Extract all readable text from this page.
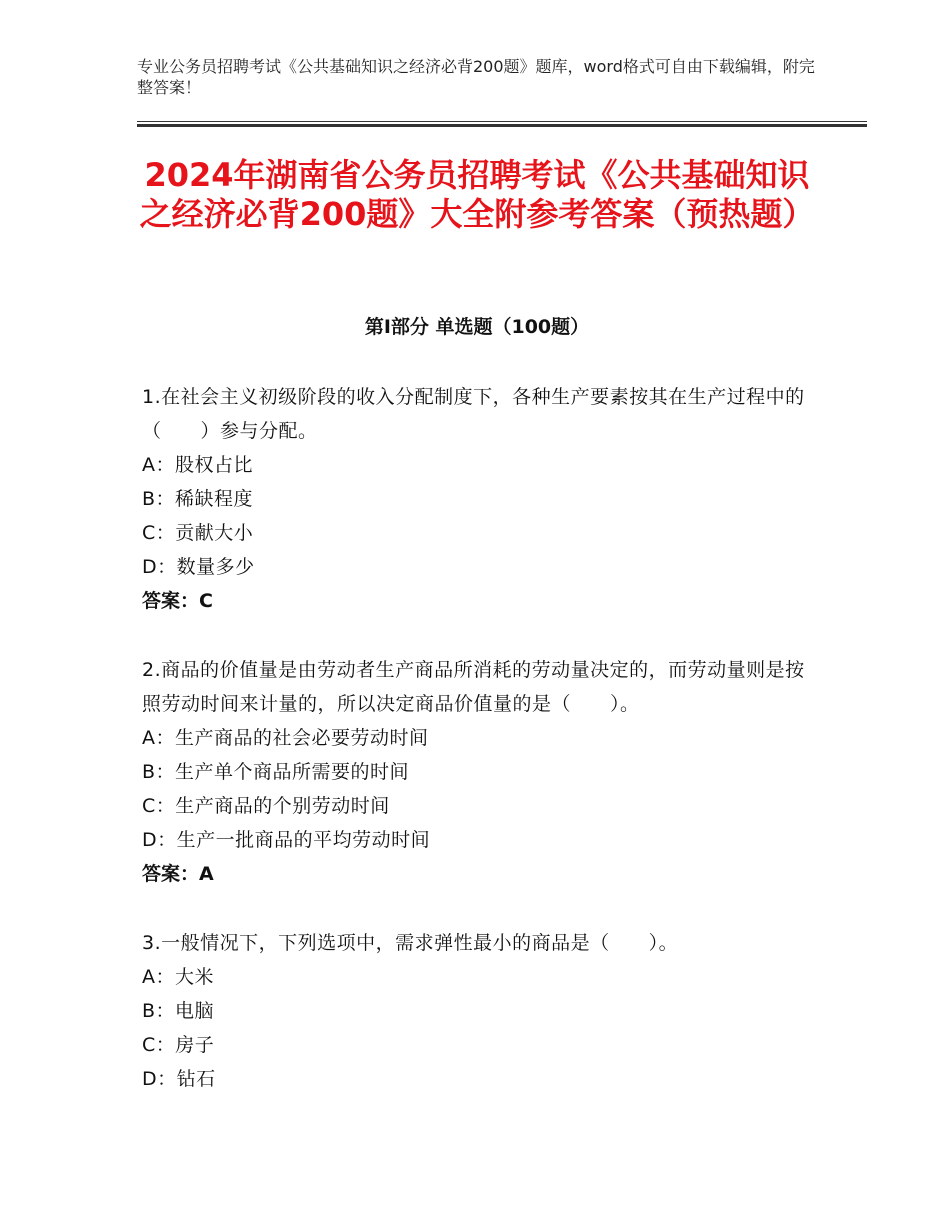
专业公务员招聘考试《公共基础知识之经济必背200题》题库，word格式可自由下载编辑，附完整答案！
2024年湖南省公务员招聘考试《公共基础知识之经济必背200题》大全附参考答案（预热题）
第Ⅰ部分 单选题（100题）

1.在社会主义初级阶段的收入分配制度下，各种生产要素按其在生产过程中的（　　）参与分配。

A：股权占比

B：稀缺程度

C：贡献大小

D：数量多少

答案：C

2.商品的价值量是由劳动者生产商品所消耗的劳动量决定的，而劳动量则是按照劳动时间来计量的，所以决定商品价值量的是（　　）。

A：生产商品的社会必要劳动时间

B：生产单个商品所需要的时间

C：生产商品的个别劳动时间

D：生产一批商品的平均劳动时间

答案：A

3.一般情况下，下列选项中，需求弹性最小的商品是（　　）。

A：大米

B：电脑

C：房子

D：钻石
